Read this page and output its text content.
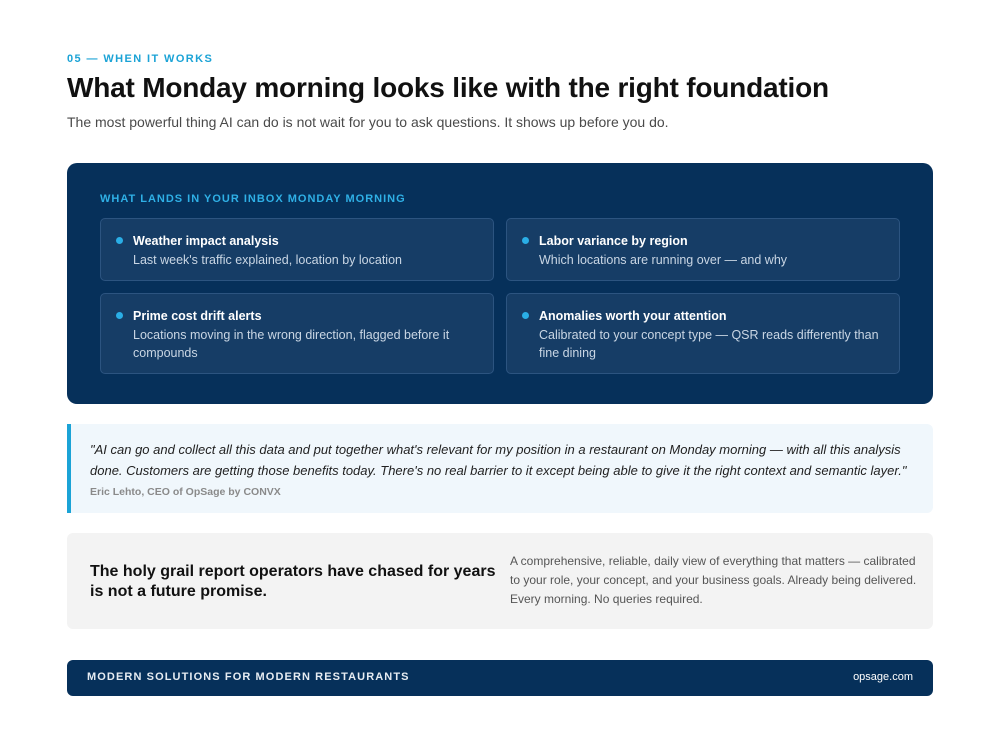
05 — WHEN IT WORKS
What Monday morning looks like with the right foundation

The most powerful thing AI can do is not wait for you to ask questions. It shows up before you do.

WHAT LANDS IN YOUR INBOX MONDAY MORNING
Weather impact analysis
Last week's traffic explained, location by location
Labor variance by region
Which locations are running over — and why
Prime cost drift alerts
Locations moving in the wrong direction, flagged before it compounds
Anomalies worth your attention
Calibrated to your concept type — QSR reads differently than fine dining
"AI can go and collect all this data and put together what's relevant for my position in a restaurant on Monday morning — with all this analysis done. Customers are getting those benefits today. There's no real barrier to it except being able to give it the right context and semantic layer."
Eric Lehto, CEO of OpSage by CONVX
The holy grail report operators have chased for years is not a future promise.
A comprehensive, reliable, daily view of everything that matters — calibrated to your role, your concept, and your business goals. Already being delivered. Every morning. No queries required.
MODERN SOLUTIONS FOR MODERN RESTAURANTS	opsage.com
